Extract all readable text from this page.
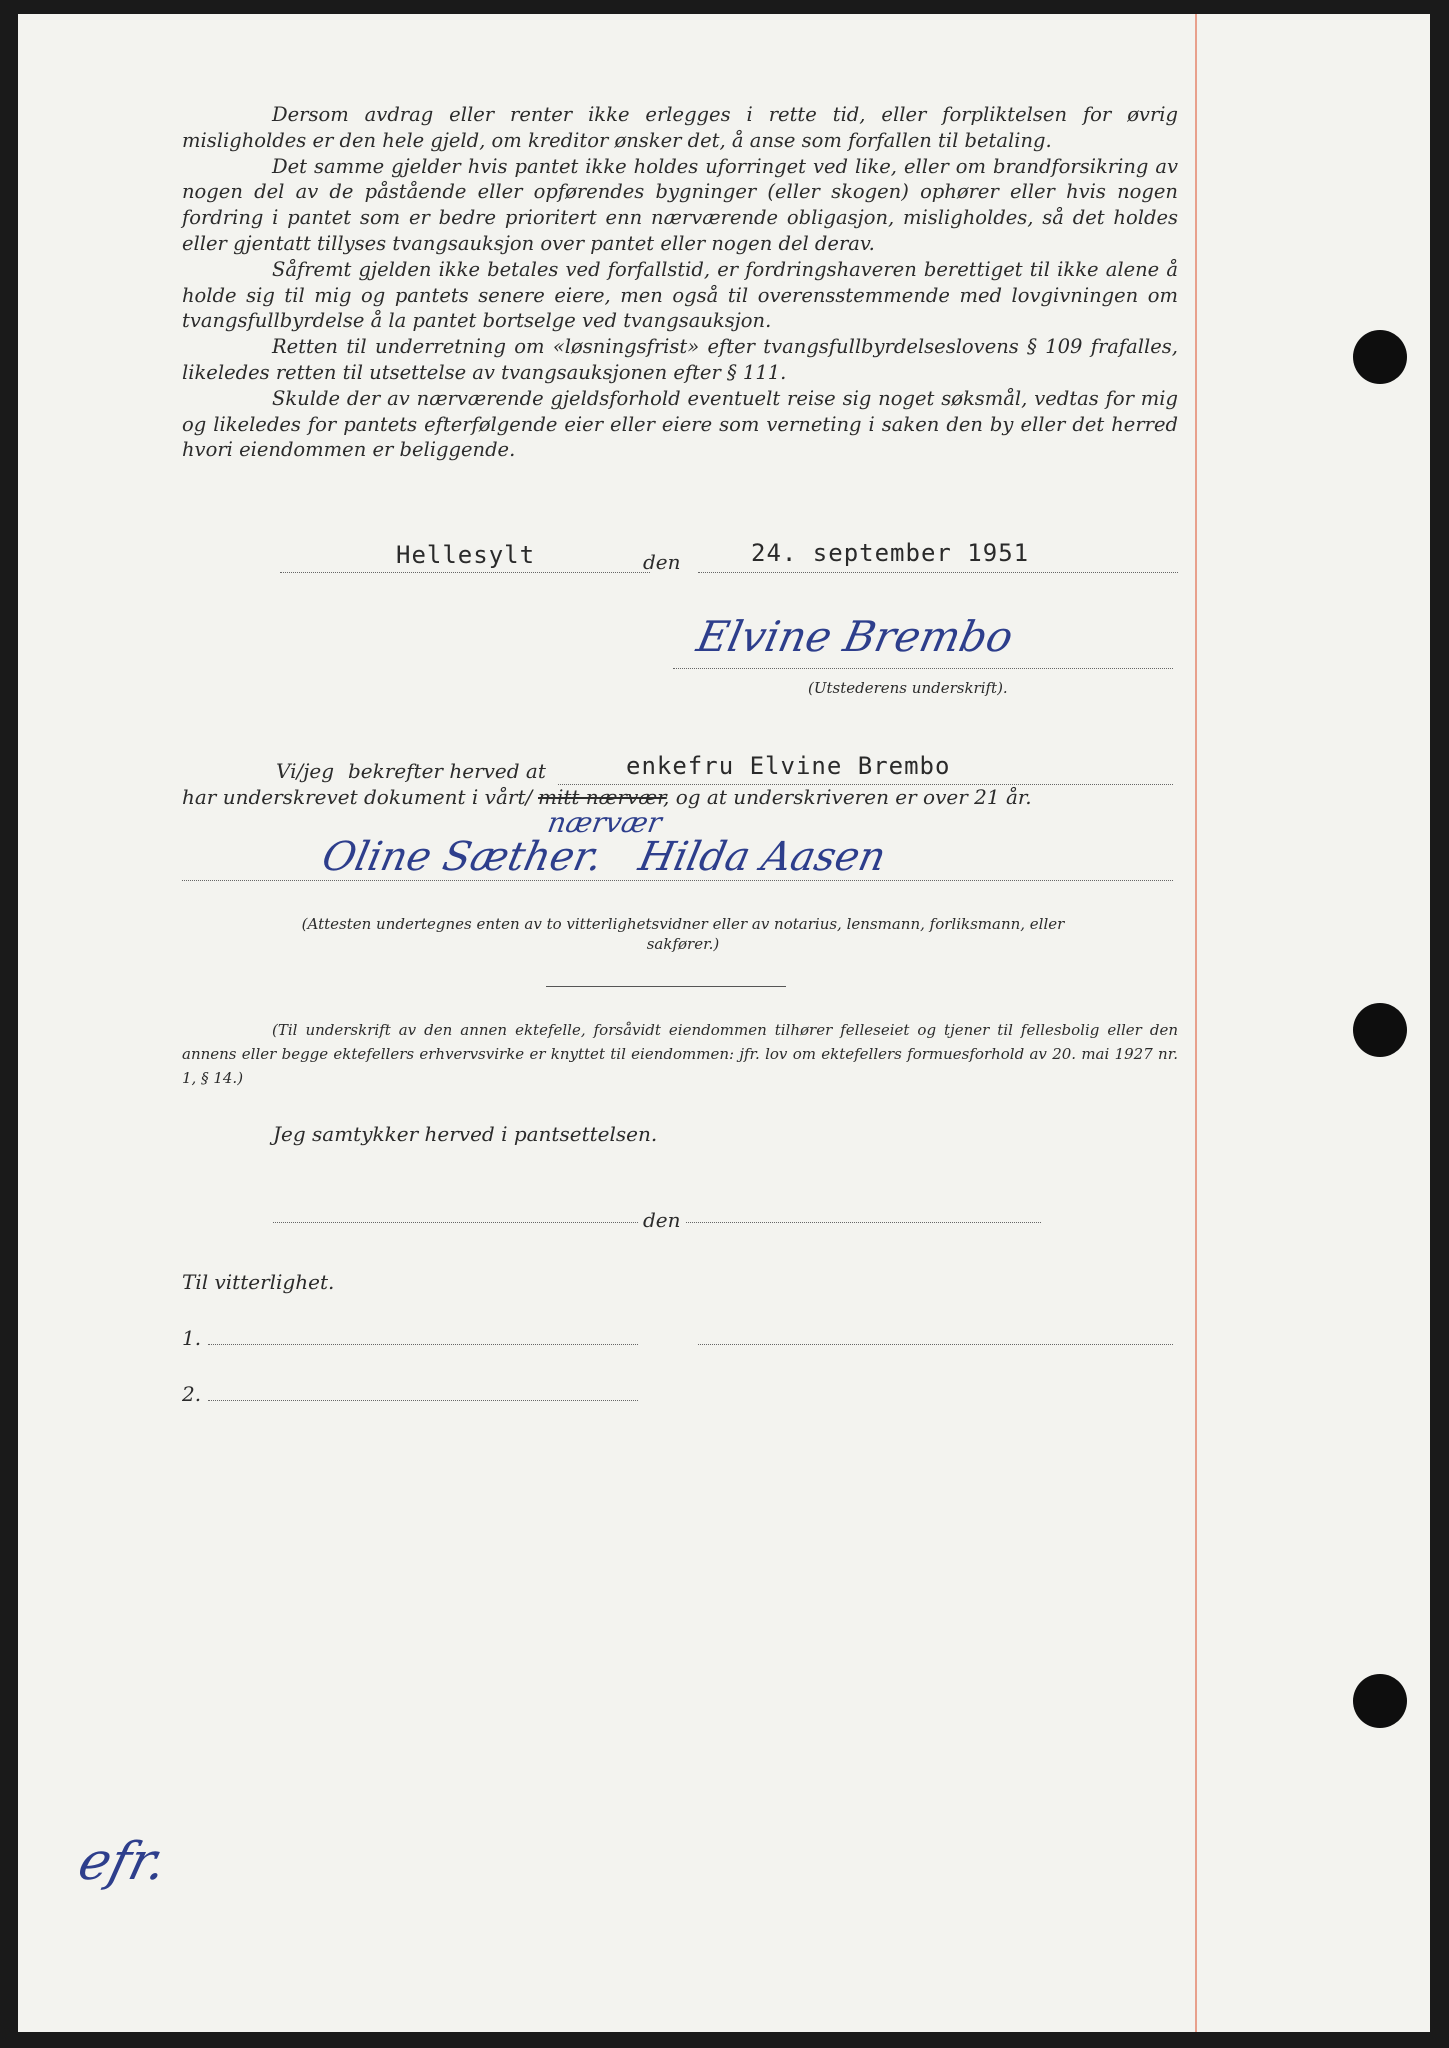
Dersom avdrag eller renter ikke erlegges i rette tid, eller forpliktelsen for øvrig misligholdes er den hele gjeld, om kreditor ønsker det, å anse som forfallen til betaling.

Det samme gjelder hvis pantet ikke holdes uforringet ved like, eller om brandforsikring av nogen del av de påstående eller opførendes bygninger (eller skogen) ophører eller hvis nogen fordring i pantet som er bedre prioritert enn nærværende obligasjon, misligholdes, så det holdes eller gjentatt tillyses tvangsauksjon over pantet eller nogen del derav.

Såfremt gjelden ikke betales ved forfallstid, er fordringshaveren berettiget til ikke alene å holde sig til mig og pantets senere eiere, men også til overensstemmende med lovgivningen om tvangsfullbyrdelse å la pantet bortselge ved tvangsauksjon.

Retten til underretning om «løsningsfrist» efter tvangsfullbyrdelseslovens § 109 frafalles, likeledes retten til utsettelse av tvangsauksjonen efter § 111.

Skulde der av nærværende gjeldsforhold eventuelt reise sig noget søksmål, vedtas for mig og likeledes for pantets efterfølgende eier eller eiere som verneting i saken den by eller det herred hvori eiendommen er beliggende.

Hellesylt	den	24. september 1951
Elvine Brembo
(Utstederens underskrift).
Vi/jeg bekrefter herved at	enkefru Elvine Brembo
har underskrevet dokument i vårt/ mitt nærvær
, og at underskriveren er over 21 år.
nærvær
Oline Sæther.   Hilda Aasen
(Attesten undertegnes enten av to vitterlighetsvidner eller av notarius, lensmann, forliksmann, eller sakfører.)
(Til underskrift av den annen ektefelle, forsåvidt eiendommen tilhører felleseiet og tjener til fellesbolig eller den annens eller begge ektefellers erhvervsvirke er knyttet til eiendommen: jfr. lov om ektefellers formuesforhold av 20. mai 1927 nr. 1, § 14.)
Jeg samtykker herved i pantsettelsen.
den
Til vitterlighet.
1.
2.
efr.
